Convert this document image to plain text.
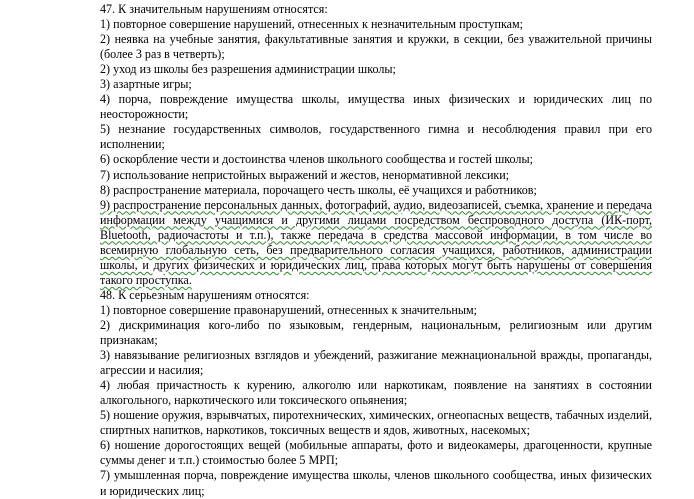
47. К значительным нарушениям относятся:

1) повторное совершение нарушений, отнесенных к незначительным проступкам;

2) неявка на учебные занятия, факультативные занятия и кружки, в секции, без уважительной причины (более 3 раз в четверть);

2) уход из школы без разрешения администрации школы;

3) азартные игры;

4) порча, повреждение имущества школы, имущества иных физических и юридических лиц по неосторожности;

5) незнание государственных символов, государственного гимна и несоблюдения правил при его исполнении;

6) оскорбление чести и достоинства членов школьного сообщества и гостей школы;

7) использование непристойных выражений и жестов, ненормативной лексики;

8) распространение материала, порочащего честь школы, её учащихся и работников;

9) распространение персональных данных, фотографий, аудио, видеозаписей, съемка, хранение и передача информации между учащимися и другими лицами посредством беспроводного доступа (ИК-порт, Bluetooth, радиочастоты и т.п.), также передача в средства массовой информации, в том числе во всемирную глобальную сеть, без предварительного согласия учащихся, работников, администрации школы, и других физических и юридических лиц, права которых могут быть нарушены от совершения такого проступка.

48. К серьезным нарушениям относятся:

1) повторное совершение правонарушений, отнесенных к значительным;

2) дискриминация кого-либо по языковым, гендерным, национальным, религиозным или другим признакам;

3) навязывание религиозных взглядов и убеждений, разжигание межнациональной вражды, пропаганды, агрессии и насилия;

4) любая причастность к курению, алкоголю или наркотикам, появление на занятиях в состоянии алкогольного, наркотического или токсического опьянения;

5) ношение оружия, взрывчатых, пиротехнических, химических, огнеопасных веществ, табачных изделий, спиртных напитков, наркотиков, токсичных веществ и ядов, животных, насекомых;

6) ношение дорогостоящих вещей (мобильные аппараты, фото и видеокамеры, драгоценности, крупные суммы денег и т.п.) стоимостью более 5 МРП;

7) умышленная порча, повреждение имущества школы, членов школьного сообщества, иных физических и юридических лиц;
